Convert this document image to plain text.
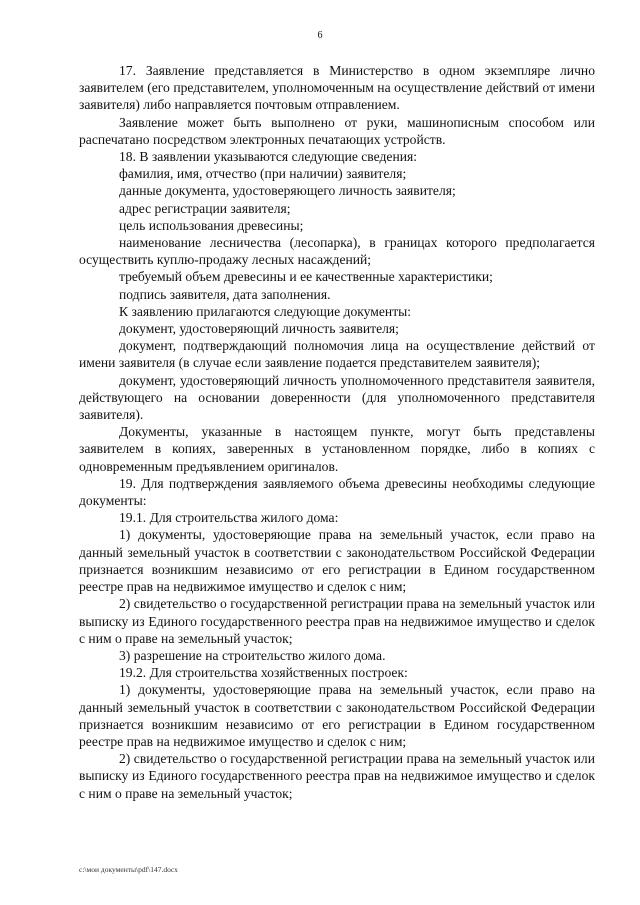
6

17. Заявление представляется в Министерство в одном экземпляре лично заявителем (его представителем, уполномоченным на осуществление действий от имени заявителя) либо направляется почтовым отправлением.

Заявление может быть выполнено от руки, машинописным способом или распечатано посредством электронных печатающих устройств.

18. В заявлении указываются следующие сведения:

фамилия, имя, отчество (при наличии) заявителя;

данные документа, удостоверяющего личность заявителя;

адрес регистрации заявителя;

цель использования древесины;

наименование лесничества (лесопарка), в границах которого предполагается осуществить куплю-продажу лесных насаждений;

требуемый объем древесины и ее качественные характеристики;

подпись заявителя, дата заполнения.

К заявлению прилагаются следующие документы:

документ, удостоверяющий личность заявителя;

документ, подтверждающий полномочия лица на осуществление действий от имени заявителя (в случае если заявление подается представителем заявителя);

документ, удостоверяющий личность уполномоченного представителя заявителя, действующего на основании доверенности (для уполномоченного представителя заявителя).

Документы, указанные в настоящем пункте, могут быть представлены заявителем в копиях, заверенных в установленном порядке, либо в копиях с одновременным предъявлением оригиналов.

19. Для подтверждения заявляемого объема древесины необходимы следующие документы:

19.1. Для строительства жилого дома:

1) документы, удостоверяющие права на земельный участок, если право на данный земельный участок в соответствии с законодательством Российской Федерации признается возникшим независимо от его регистрации в Едином государственном реестре прав на недвижимое имущество и сделок с ним;

2) свидетельство о государственной регистрации права на земельный участок или выписку из Единого государственного реестра прав на недвижимое имущество и сделок с ним о праве на земельный участок;

3) разрешение на строительство жилого дома.

19.2. Для строительства хозяйственных построек:

1) документы, удостоверяющие права на земельный участок, если право на данный земельный участок в соответствии с законодательством Российской Федерации признается возникшим независимо от его регистрации в Едином государственном реестре прав на недвижимое имущество и сделок с ним;

2) свидетельство о государственной регистрации права на земельный участок или выписку из Единого государственного реестра прав на недвижимое имущество и сделок с ним о праве на земельный участок;

c:\мои документы\pdf\147.docx
